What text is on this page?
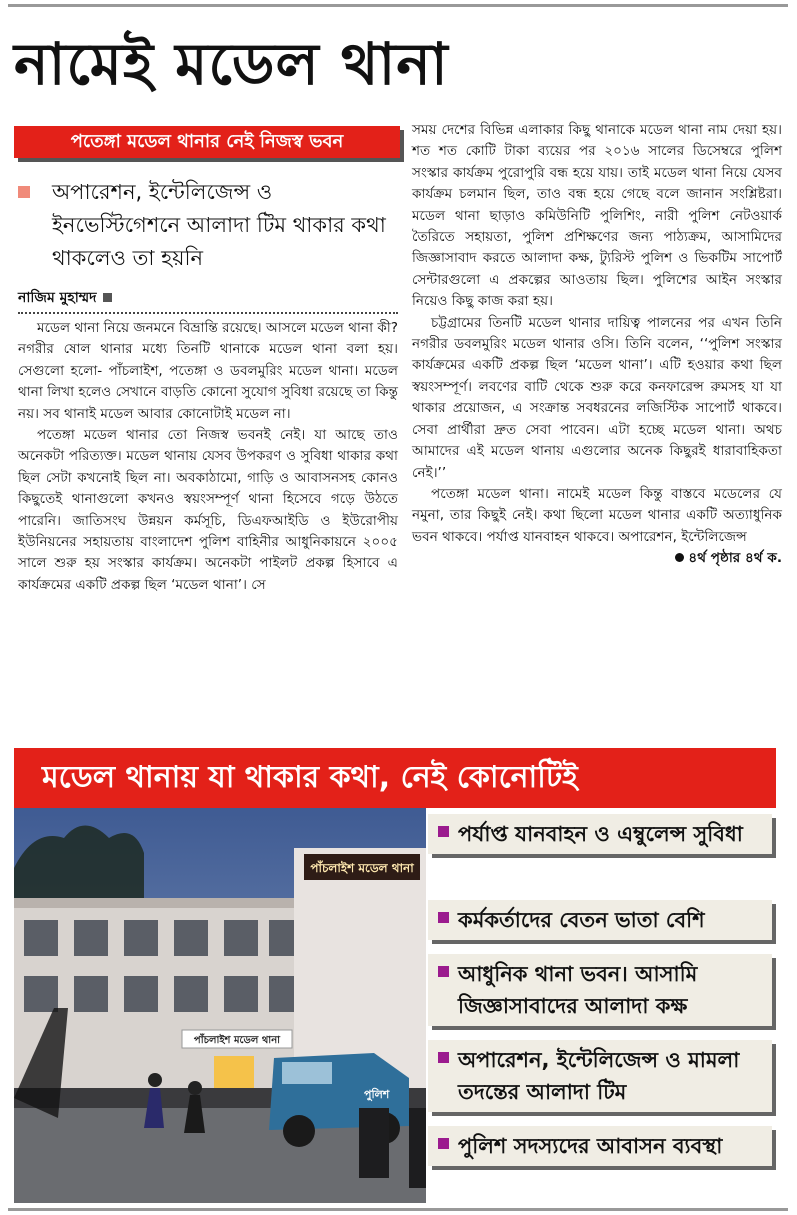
নামেই মডেল থানা
পতেঙ্গা মডেল থানার নেই নিজস্ব ভবন
অপারেশন, ইন্টেলিজেন্স ও ইনভেস্টিগেশনে আলাদা টিম থাকার কথা থাকলেও তা হয়নি
নাজিম মুহাম্মদ

মডেল থানা নিয়ে জনমনে বিভ্রান্তি রয়েছে। আসলে মডেল থানা কী? নগরীর ষোল থানার মধ্যে তিনটি থানাকে মডেল থানা বলা হয়। সেগুলো হলো- পাঁচলাইশ, পতেঙ্গা ও ডবলমুরিং মডেল থানা। মডেল থানা লিখা হলেও সেখানে বাড়তি কোনো সুযোগ সুবিধা রয়েছে তা কিন্তু নয়। সব থানাই মডেল আবার কোনোটাই মডেল না।

পতেঙ্গা মডেল থানার তো নিজস্ব ভবনই নেই। যা আছে তাও অনেকটা পরিত্যক্ত। মডেল থানায় যেসব উপকরণ ও সুবিধা থাকার কথা ছিল সেটা কখনোই ছিল না। অবকাঠামো, গাড়ি ও আবাসনসহ কোনও কিছুতেই থানাগুলো কখনও স্বয়ংসম্পূর্ণ থানা হিসেবে গড়ে উঠতে পারেনি। জাতিসংঘ উন্নয়ন কর্মসূচি, ডিএফআইডি ও ইউরোপীয় ইউনিয়নের সহায়তায় বাংলাদেশ পুলিশ বাহিনীর আধুনিকায়নে ২০০৫ সালে শুরু হয় সংস্কার কার্যক্রম। অনেকটা পাইলট প্রকল্প হিসাবে এ কার্যক্রমের একটি প্রকল্প ছিল ‘মডেল থানা’। সে

সময় দেশের বিভিন্ন এলাকার কিছু থানাকে মডেল থানা নাম দেয়া হয়। শত শত কোটি টাকা ব্যয়ের পর ২০১৬ সালের ডিসেম্বরে পুলিশ সংস্কার কার্যক্রম পুরোপুরি বন্ধ হয়ে যায়। তাই মডেল থানা নিয়ে যেসব কার্যক্রম চলমান ছিল, তাও বন্ধ হয়ে গেছে বলে জানান সংশ্লিষ্টরা। মডেল থানা ছাড়াও কমিউনিটি পুলিশিং, নারী পুলিশ নেটওয়ার্ক তৈরিতে সহায়তা, পুলিশ প্রশিক্ষণের জন্য পাঠ্যক্রম, আসামিদের জিজ্ঞাসাবাদ করতে আলাদা কক্ষ, ট্যুরিস্ট পুলিশ ও ভিকটিম সাপোর্ট সেন্টারগুলো এ প্রকল্পের আওতায় ছিল। পুলিশের আইন সংস্কার নিয়েও কিছু কাজ করা হয়।

চট্টগ্রামের তিনটি মডেল থানার দায়িত্ব পালনের পর এখন তিনি নগরীর ডবলমুরিং মডেল থানার ওসি। তিনি বলেন, ‘‘পুলিশ সংস্কার কার্যক্রমের একটি প্রকল্প ছিল ‘মডেল থানা’। এটি হওয়ার কথা ছিল স্বয়ংসম্পূর্ণ। লবণের বাটি থেকে শুরু করে কনফারেন্স রুমসহ যা যা থাকার প্রয়োজন, এ সংক্রান্ত সবধরনের লজিস্টিক সাপোর্ট থাকবে। সেবা প্রার্থীরা দ্রুত সেবা পাবেন। এটা হচ্ছে মডেল থানা। অথচ আমাদের এই মডেল থানায় এগুলোর অনেক কিছুরই ধারাবাহিকতা নেই।’’

পতেঙ্গা মডেল থানা। নামেই মডেল কিন্তু বাস্তবে মডেলের যে নমুনা, তার কিছুই নেই। কথা ছিলো মডেল থানার একটি অত্যাধুনিক ভবন থাকবে। পর্যাপ্ত যানবাহন থাকবে। অপারেশন, ইন্টেলিজেন্স

৪র্থ পৃষ্ঠার ৪র্থ ক.
মডেল থানায় যা থাকার কথা, নেই কোনোটিই
পাঁচলাইশ মডেল থানা
পাঁচলাইশ মডেল থানা
পুলিশ
পর্যাপ্ত যানবাহন ও এম্বুলেন্স সুবিধা
কর্মকর্তাদের বেতন ভাতা বেশি
আধুনিক থানা ভবন। আসামি জিজ্ঞাসাবাদের আলাদা কক্ষ
অপারেশন, ইন্টেলিজেন্স ও মামলা তদন্তের আলাদা টিম
পুলিশ সদস্যদের আবাসন ব্যবস্থা
